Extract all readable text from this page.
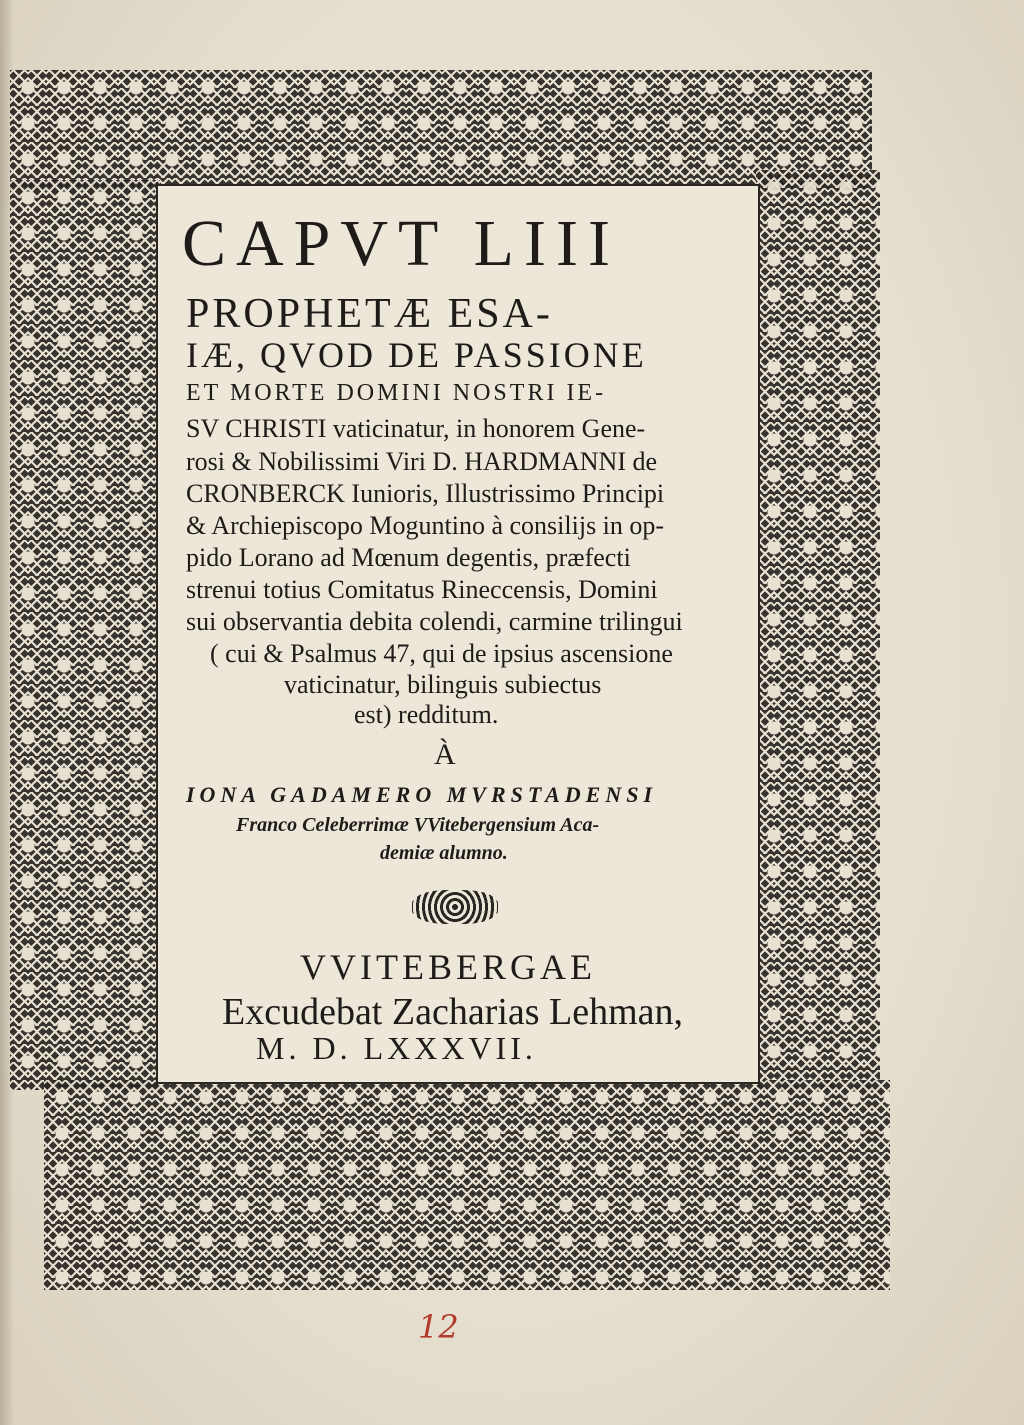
CAPVT LIII
PROPHETÆ ESA-
IÆ, QVOD DE PASSIONE
ET MORTE DOMINI NOSTRI IE-
SV CHRISTI vaticinatur, in honorem Gene-
rosi & Nobilissimi Viri D. HARDMANNI de
CRONBERCK Iunioris, Illustrissimo Principi
& Archiepiscopo Moguntino à consilijs in op-
pido Lorano ad Mœnum degentis, præfecti
strenui totius Comitatus Rineccensis, Domini
sui observantia debita colendi, carmine trilingui
( cui & Psalmus 47, qui de ipsius ascensione
vaticinatur, bilinguis subiectus
est) redditum.
À
IONA GADAMERO MVRSTADENSI
Franco Celeberrimæ VVitebergensium Aca-
demiæ alumno.
VVITEBERGAE
Excudebat Zacharias Lehman,
M. D. LXXXVII.
12
